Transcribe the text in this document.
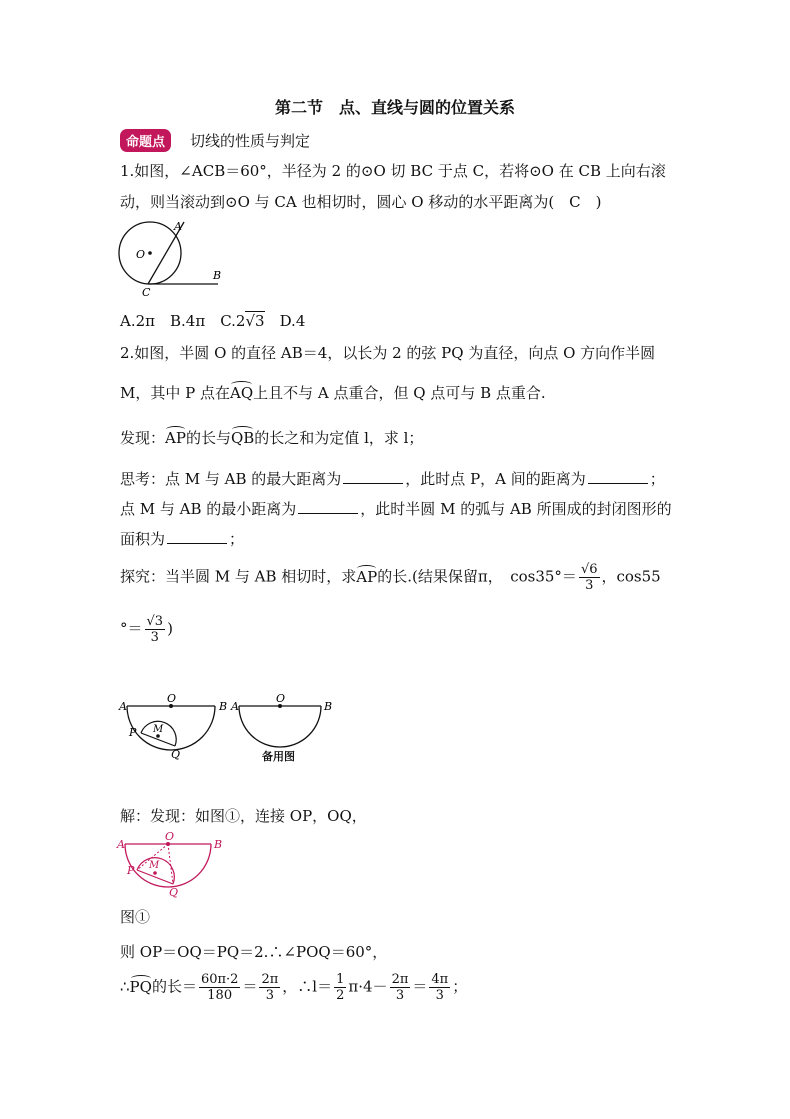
第二节　点、直线与圆的位置关系
命题点	切线的性质与判定
1.如图，∠ACB＝60°，半径为 2 的⊙O 切 BC 于点 C，若将⊙O 在 CB 上向右滚
动，则当滚动到⊙O 与 CA 也相切时，圆心 O 移动的水平距离为(　C　)
A
O
B
C
A.2π　B.4π　C.2√3　D.4
2.如图，半圆 O 的直径 AB＝4，以长为 2 的弦 PQ 为直径，向点 O 方向作半圆
M，其中 P 点在AQ上且不与 A 点重合，但 Q 点可与 B 点重合.
发现：AP的长与QB的长之和为定值 l，求 l；
思考：点 M 与 AB 的最大距离为	，此时点 P，A 间的距离为	；
点 M 与 AB 的最小距离为	，此时半圆 M 的弧与 AB 所围成的封闭图形的
面积为	；
探究：当半圆 M 与 AB 相切时，求AP的长.(结果保留π，　$\cos 35^\circ= \frac{√6}{3}$ ，cos55
°＝ $\frac{√3}{3}$ )
A
O
B
P M
Q
A
O
B
备用图
解：发现：如图①，连接 OP，OQ，
A
O
B
P M
Q
图①
则 OP＝OQ＝PQ＝2.∴∠POQ＝60°，
∴PQ的长＝ $\frac{60\pi\cdot 2}{180} = \frac{2\pi}{3}$ ，∴l＝ $\frac{1}{2} \pi\cdot 4- \frac{2\pi}{3} = \frac{4\pi}{3}$ ；
